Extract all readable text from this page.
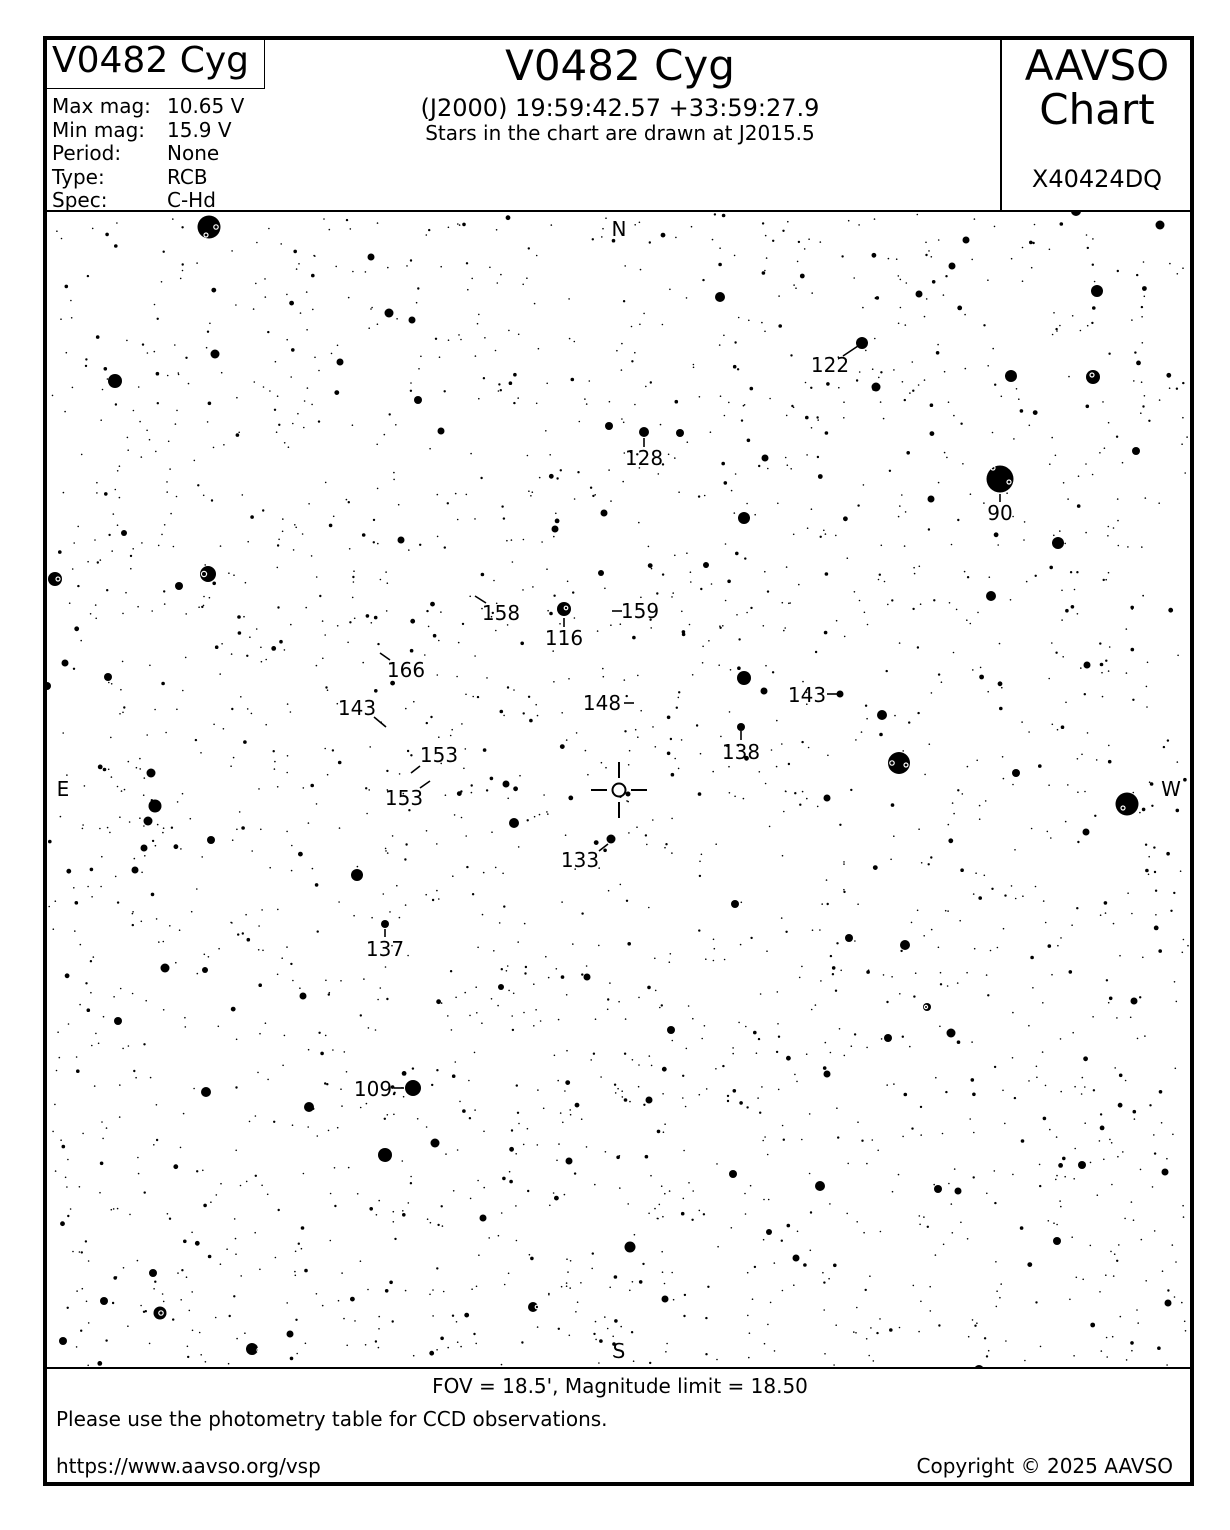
V0482 Cyg
Max mag: 10.65 V
Min mag: 15.9 V
Period: None
Type:	RCB
Spec:	C-Hd
V0482 Cyg
(J2000) 19:59:42.57 +33:59:27.9
Stars in the chart are drawn at J2015.5
AAVSO
Chart
X40424DQ
122
128
90
158
116
159
166
143	148	143
138
153
153
133
137
109
N
S
E	W
FOV = 18.5', Magnitude limit = 18.50
Please use the photometry table for CCD observations.
https://www.aavso.org/vsp	Copyright © 2025 AAVSO
